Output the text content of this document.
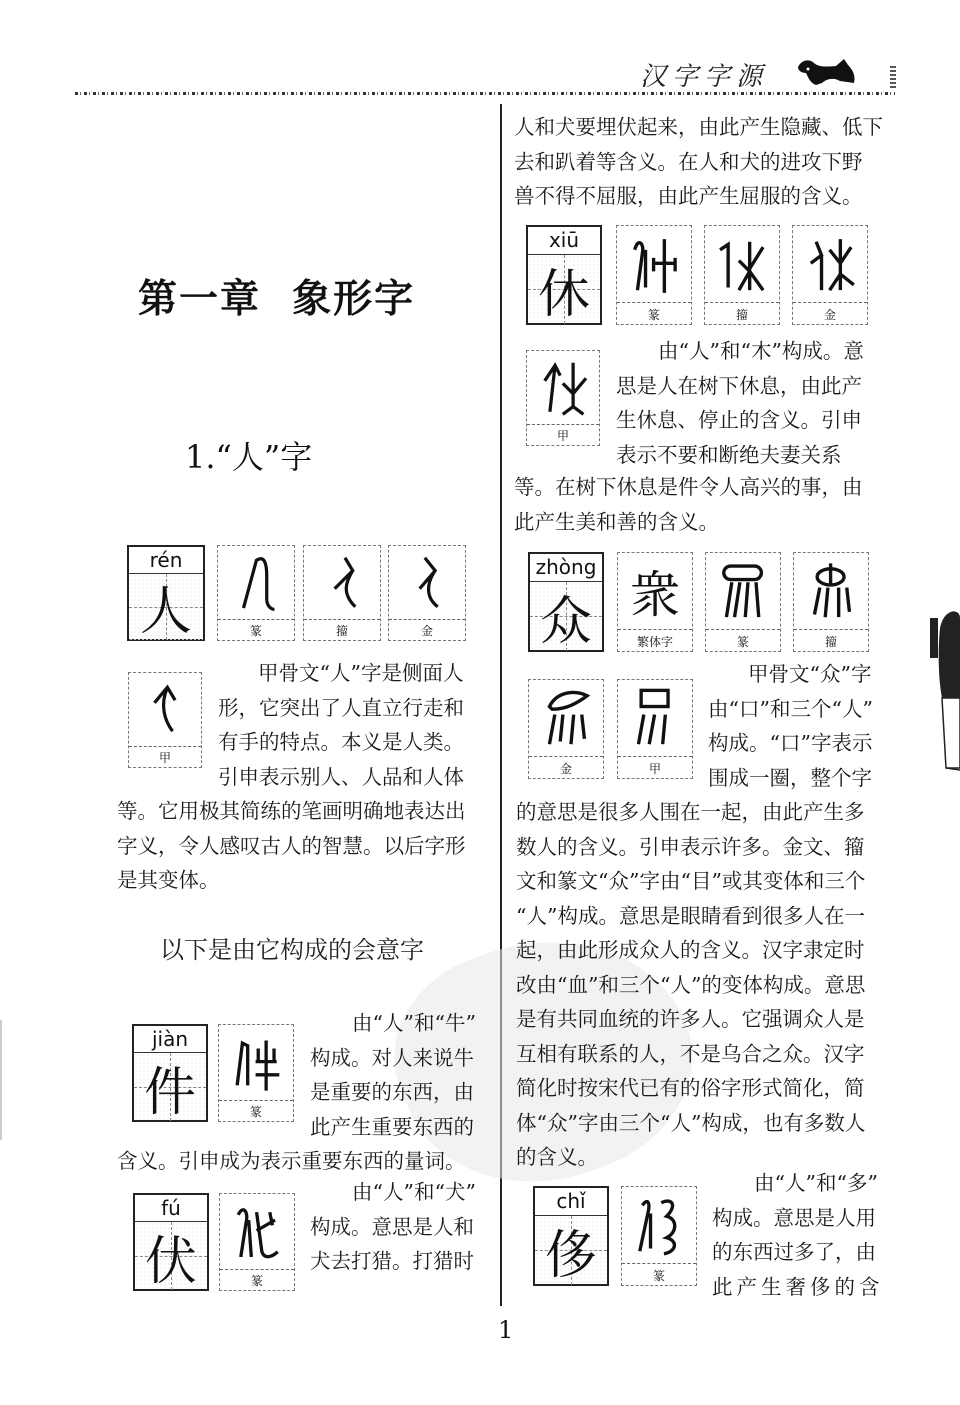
汉字字源
第一章  象形字
1.“人”字
rén
人	篆	籀	金
甲

甲骨文“人”字是侧面人

形，它突出了人直立行走和

有手的特点。本义是人类。

引申表示别人、人品和人体

等。它用极其简练的笔画明确地表达出

字义，令人感叹古人的智慧。以后字形

是其变体。

以下是由它构成的会意字
jiàn
件	篆

由“人”和“牛”

构成。对人来说牛

是重要的东西，由

此产生重要东西的

含义。引申成为表示重要东西的量词。

fú
伏	篆

由“人”和“犬”

构成。意思是人和

犬去打猎。打猎时

人和犬要埋伏起来，由此产生隐藏、低下

去和趴着等含义。在人和犬的进攻下野

兽不得不屈服，由此产生屈服的含义。

xiū
休	篆	籀	金
甲

由“人”和“木”构成。意

思是人在树下休息，由此产

生休息、停止的含义。引申

表示不要和断绝夫妻关系

等。在树下休息是件令人高兴的事，由

此产生美和善的含义。

zhòng
众 衆
繁体字	篆	籀
金	甲

甲骨文“众”字

由“口”和三个“人”

构成。“口”字表示

围成一圈，整个字

的意思是很多人围在一起，由此产生多

数人的含义。引申表示许多。金文、籀

文和篆文“众”字由“目”或其变体和三个

“人”构成。意思是眼睛看到很多人在一

起，由此形成众人的含义。汉字隶定时

改由“血”和三个“人”的变体构成。意思

是有共同血统的许多人。它强调众人是

互相有联系的人，不是乌合之众。汉字

简化时按宋代已有的俗字形式简化，简

体“众”字由三个“人”构成，也有多数人

的含义。

chǐ
侈	篆

由“人”和“多”

构成。意思是人用

的东西过多了，由

此产生奢侈的含

1
